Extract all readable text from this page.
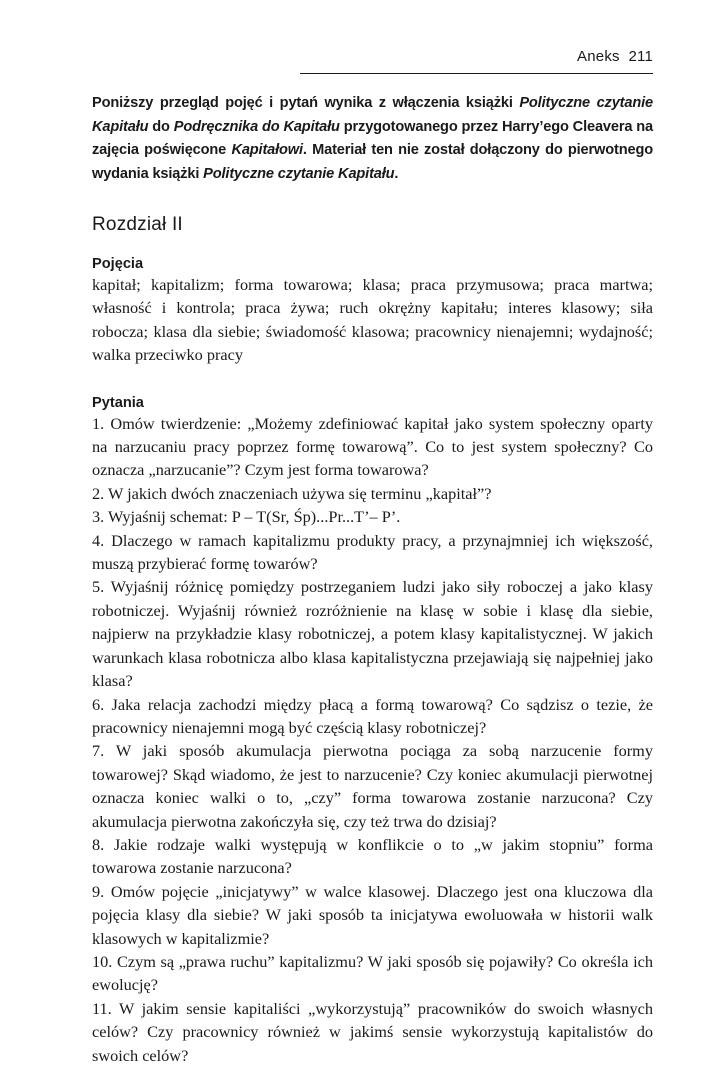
Aneks 211

Poniższy przegląd pojęć i pytań wynika z włączenia książki Polityczne czytanie Kapitału do Podręcznika do Kapitału przygotowanego przez Harry’ego Cleavera na zajęcia poświęcone Kapitałowi. Materiał ten nie został dołączony do pierwotnego wydania książki Polityczne czytanie Kapitału.

Rozdział II
Pojęcia

kapitał; kapitalizm; forma towarowa; klasa; praca przymusowa; praca martwa; własność i kontrola; praca żywa; ruch okrężny kapitału; interes klasowy; siła robocza; klasa dla siebie; świadomość klasowa; pracownicy nienajemni; wydajność; walka przeciwko pracy

Pytania
1. Omów twierdzenie: „Możemy zdefiniować kapitał jako system społeczny oparty na narzucaniu pracy poprzez formę towarową”. Co to jest system społeczny? Co oznacza „narzucanie”? Czym jest forma towarowa?
2. W jakich dwóch znaczeniach używa się terminu „kapitał”?
3. Wyjaśnij schemat: P – T(Sr, Śp)...Pr...T’– P’.
4. Dlaczego w ramach kapitalizmu produkty pracy, a przynajmniej ich większość, muszą przybierać formę towarów?
5. Wyjaśnij różnicę pomiędzy postrzeganiem ludzi jako siły roboczej a jako klasy robotniczej. Wyjaśnij również rozróżnienie na klasę w sobie i klasę dla siebie, najpierw na przykładzie klasy robotniczej, a potem klasy kapitalistycznej. W jakich warunkach klasa robotnicza albo klasa kapitalistyczna przejawiają się najpełniej jako klasa?
6. Jaka relacja zachodzi między płacą a formą towarową? Co sądzisz o tezie, że pracownicy nienajemni mogą być częścią klasy robotniczej?
7. W jaki sposób akumulacja pierwotna pociąga za sobą narzucenie formy towarowej? Skąd wiadomo, że jest to narzucenie? Czy koniec akumulacji pierwotnej oznacza koniec walki o to, „czy” forma towarowa zostanie narzucona? Czy akumulacja pierwotna zakończyła się, czy też trwa do dzisiaj?
8. Jakie rodzaje walki występują w konflikcie o to „w jakim stopniu” forma towarowa zostanie narzucona?
9. Omów pojęcie „inicjatywy” w walce klasowej. Dlaczego jest ona kluczowa dla pojęcia klasy dla siebie? W jaki sposób ta inicjatywa ewoluowała w historii walk klasowych w kapitalizmie?
10. Czym są „prawa ruchu” kapitalizmu? W jaki sposób się pojawiły? Co określa ich ewolucję?
11. W jakim sensie kapitaliści „wykorzystują” pracowników do swoich własnych celów? Czy pracownicy również w jakimś sensie wykorzystują kapitalistów do swoich celów?
